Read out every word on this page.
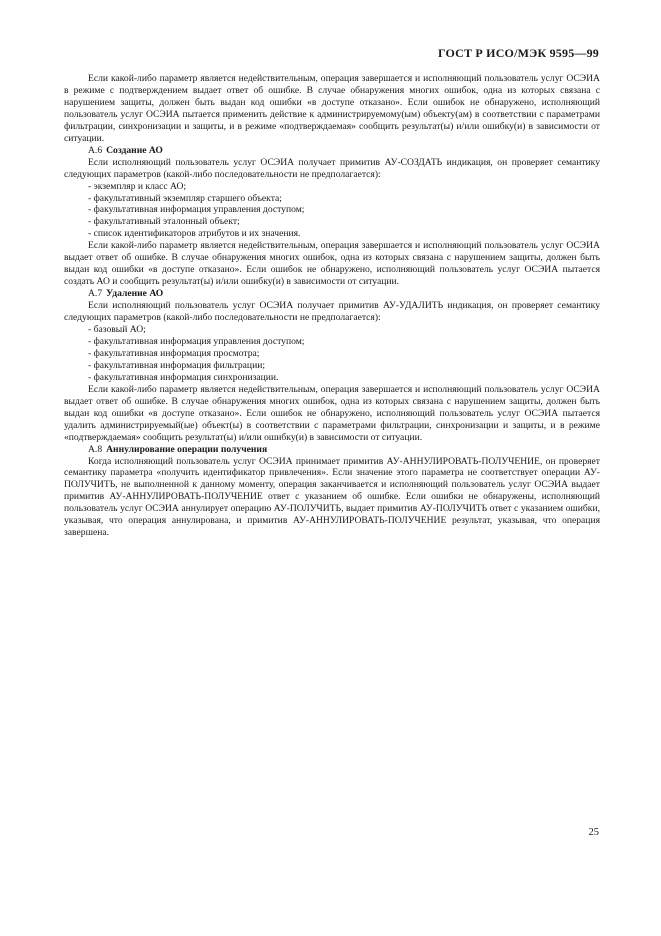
ГОСТ Р ИСО/МЭК 9595—99

Если какой-либо параметр является недействительным, операция завершается и исполняющий пользователь услуг ОСЭИА в режиме с подтверждением выдает ответ об ошибке. В случае обнаружения многих ошибок, одна из которых связана с нарушением защиты, должен быть выдан код ошибки «в доступе отказано». Если ошибок не обнаружено, исполняющий пользователь услуг ОСЭИА пытается применить действие к администрируемому(ым) объекту(ам) в соответствии с параметрами фильтрации, синхронизации и защиты, и в режиме «подтверждаемая» сообщить результат(ы) и/или ошибку(и) в зависимости от ситуации.

А.6 Создание АО

Если исполняющий пользователь услуг ОСЭИА получает примитив АУ-СОЗДАТЬ индикация, он проверяет семантику следующих параметров (какой-либо последовательности не предполагается):

- экземпляр и класс АО;

- факультативный экземпляр старшего объекта;

- факультативная информация управления доступом;

- факультативный эталонный объект;

- список идентификаторов атрибутов и их значения.

Если какой-либо параметр является недействительным, операция завершается и исполняющий пользователь услуг ОСЭИА выдает ответ об ошибке. В случае обнаружения многих ошибок, одна из которых связана с нарушением защиты, должен быть выдан код ошибки «в доступе отказано». Если ошибок не обнаружено, исполняющий пользователь услуг ОСЭИА пытается создать АО и сообщить результат(ы) и/или ошибку(и) в зависимости от ситуации.

А.7 Удаление АО

Если исполняющий пользователь услуг ОСЭИА получает примитив АУ-УДАЛИТЬ индикация, он проверяет семантику следующих параметров (какой-либо последовательности не предполагается):

- базовый АО;

- факультативная информация управления доступом;

- факультативная информация просмотра;

- факультативная информация фильтрации;

- факультативная информация синхронизации.

Если какой-либо параметр является недействительным, операция завершается и исполняющий пользователь услуг ОСЭИА выдает ответ об ошибке. В случае обнаружения многих ошибок, одна из которых связана с нарушением защиты, должен быть выдан код ошибки «в доступе отказано». Если ошибок не обнаружено, исполняющий пользователь услуг ОСЭИА пытается удалить администрируемый(ые) объект(ы) в соответствии с параметрами фильтрации, синхронизации и защиты, и в режиме «подтверждаемая» сообщить результат(ы) и/или ошибку(и) в зависимости от ситуации.

А.8 Аннулирование операции получения

Когда исполняющий пользователь услуг ОСЭИА принимает примитив АУ-АННУЛИРОВАТЬ-ПОЛУЧЕНИЕ, он проверяет семантику параметра «получить идентификатор привлечения». Если значение этого параметра не соответствует операции АУ-ПОЛУЧИТЬ, не выполненной к данному моменту, операция заканчивается и исполняющий пользователь услуг ОСЭИА выдает примитив АУ-АННУЛИРОВАТЬ-ПОЛУЧЕНИЕ ответ с указанием об ошибке. Если ошибки не обнаружены, исполняющий пользователь услуг ОСЭИА аннулирует операцию АУ-ПОЛУЧИТЬ, выдает примитив АУ-ПОЛУЧИТЬ ответ с указанием ошибки, указывая, что операция аннулирована, и примитив АУ-АННУЛИРОВАТЬ-ПОЛУЧЕНИЕ результат, указывая, что операция завершена.

25
